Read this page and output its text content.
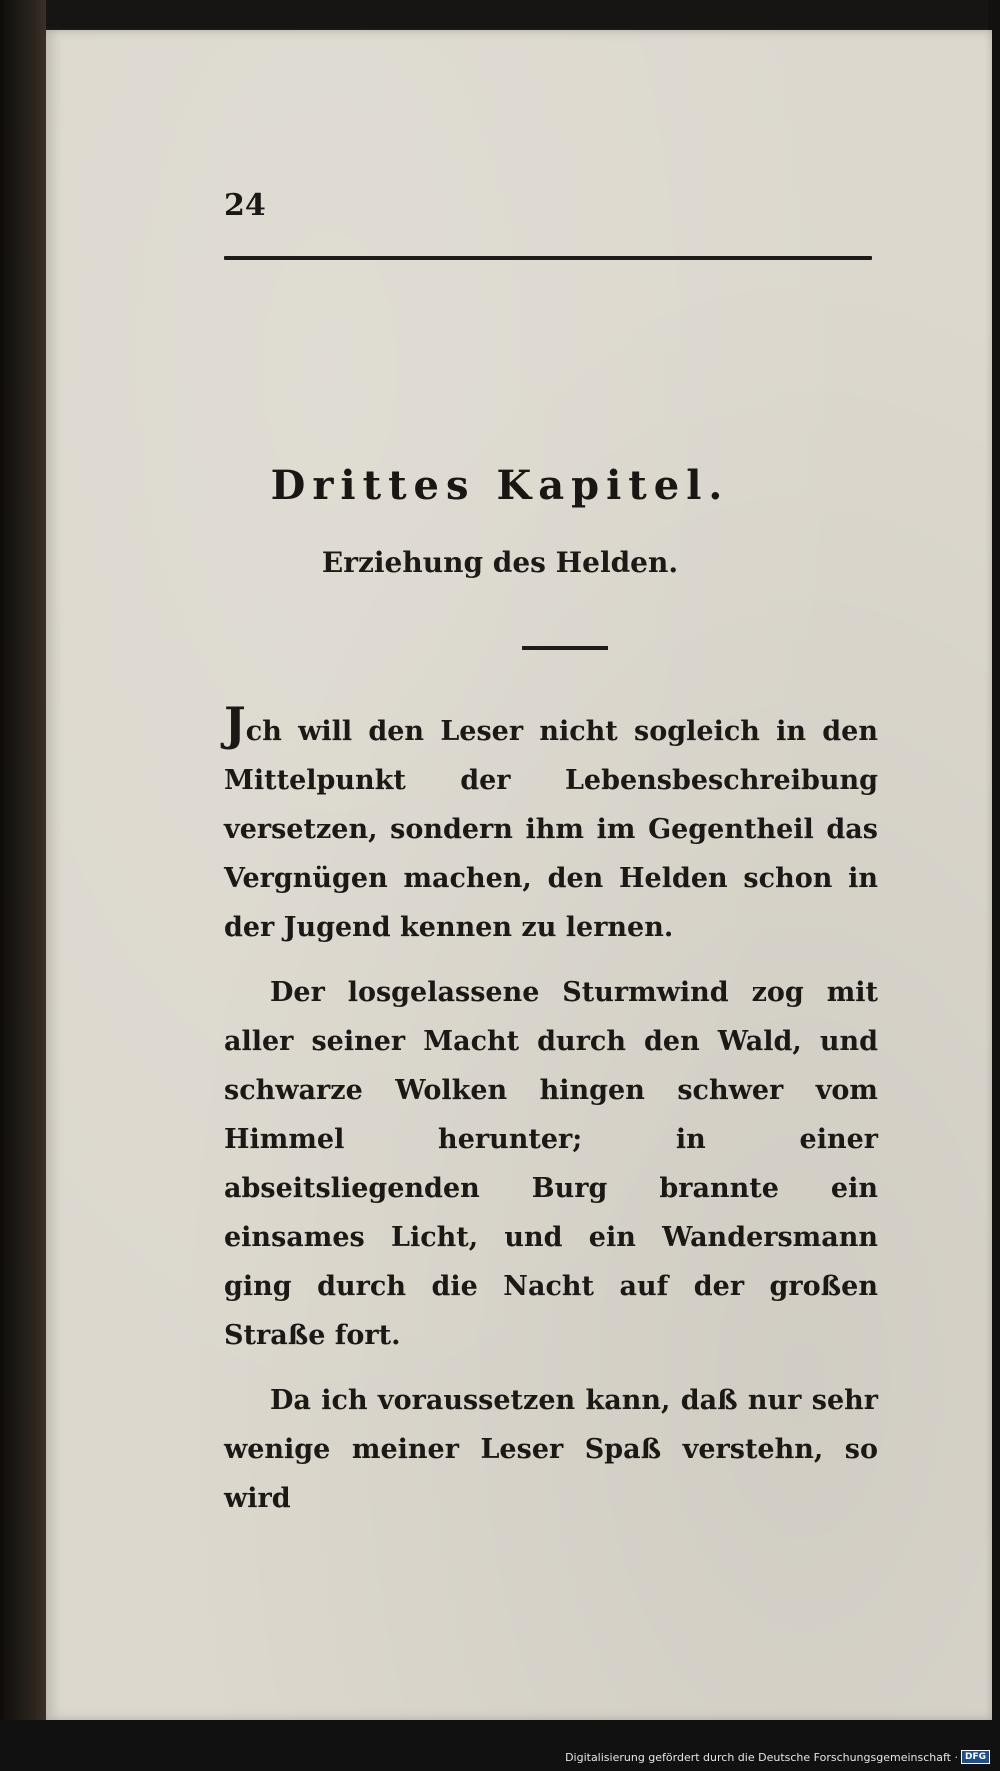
24
Drittes Kapitel.
Erziehung des Helden.

Jch will den Leser nicht sogleich in den Mittelpunkt der Lebensbeschreibung versetzen, sondern ihm im Gegentheil das Vergnügen machen, den Helden schon in der Jugend kennen zu lernen.

Der losgelassene Sturmwind zog mit aller seiner Macht durch den Wald, und schwarze Wolken hingen schwer vom Himmel herunter; in einer abseitsliegenden Burg brannte ein einsames Licht, und ein Wandersmann ging durch die Nacht auf der großen Straße fort.

Da ich voraussetzen kann, daß nur sehr wenige meiner Leser Spaß verstehn, so wird

Digitalisierung gefördert durch die Deutsche Forschungsgemeinschaft · DFG
